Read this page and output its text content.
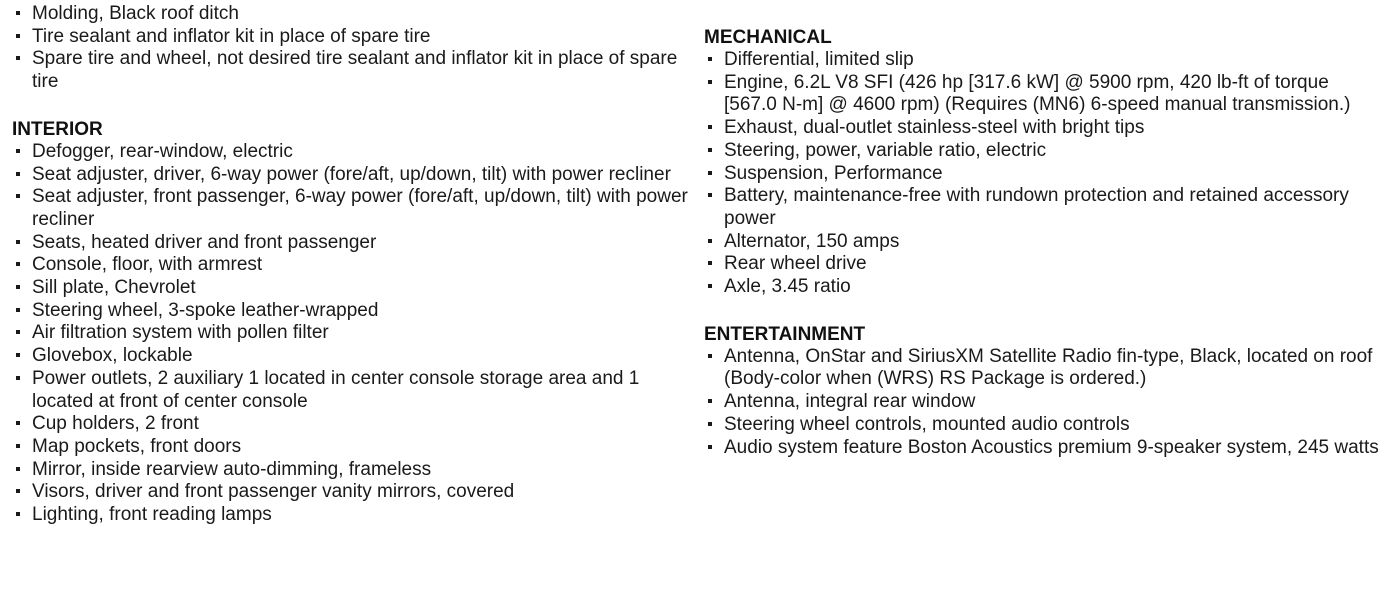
Molding, Black roof ditch
Tire sealant and inflator kit in place of spare tire
Spare tire and wheel, not desired tire sealant and inflator kit in place of spare tire
INTERIOR
Defogger, rear-window, electric
Seat adjuster, driver, 6-way power (fore/aft, up/down, tilt) with power recliner
Seat adjuster, front passenger, 6-way power (fore/aft, up/down, tilt) with power recliner
Seats, heated driver and front passenger
Console, floor, with armrest
Sill plate, Chevrolet
Steering wheel, 3-spoke leather-wrapped
Air filtration system with pollen filter
Glovebox, lockable
Power outlets, 2 auxiliary 1 located in center console storage area and 1 located at front of center console
Cup holders, 2 front
Map pockets, front doors
Mirror, inside rearview auto-dimming, frameless
Visors, driver and front passenger vanity mirrors, covered
Lighting, front reading lamps
MECHANICAL
Differential, limited slip
Engine, 6.2L V8 SFI (426 hp [317.6 kW] @ 5900 rpm, 420 lb-ft of torque [567.0 N-m] @ 4600 rpm) (Requires (MN6) 6-speed manual transmission.)
Exhaust, dual-outlet stainless-steel with bright tips
Steering, power, variable ratio, electric
Suspension, Performance
Battery, maintenance-free with rundown protection and retained accessory power
Alternator, 150 amps
Rear wheel drive
Axle, 3.45 ratio
ENTERTAINMENT
Antenna, OnStar and SiriusXM Satellite Radio fin-type, Black, located on roof (Body-color when (WRS) RS Package is ordered.)
Antenna, integral rear window
Steering wheel controls, mounted audio controls
Audio system feature Boston Acoustics premium 9-speaker system, 245 watts
